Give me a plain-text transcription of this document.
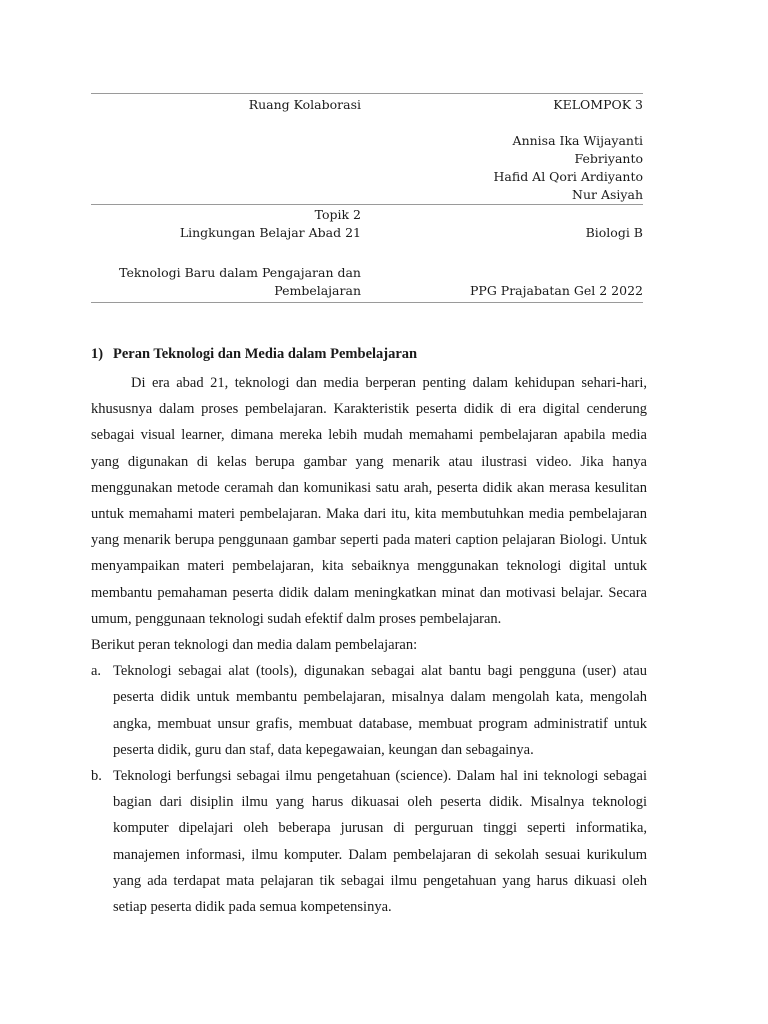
Ruang Kolaborasi	KELOMPOK 3
Annisa Ika Wijayanti
Febriyanto
Hafid Al Qori Ardiyanto
Nur Asiyah

Topik 2
Lingkungan Belajar Abad 21	Biologi B
Teknologi Baru dalam Pengajaran dan Pembelajaran	PPG Prajabatan Gel 2 2022
1) Peran Teknologi dan Media dalam Pembelajaran

Di era abad 21, teknologi dan media berperan penting dalam kehidupan sehari-hari, khususnya dalam proses pembelajaran. Karakteristik peserta didik di era digital cenderung sebagai visual learner, dimana mereka lebih mudah memahami pembelajaran apabila media yang digunakan di kelas berupa gambar yang menarik atau ilustrasi video. Jika hanya menggunakan metode ceramah dan komunikasi satu arah, peserta didik akan merasa kesulitan untuk memahami materi pembelajaran. Maka dari itu, kita membutuhkan media pembelajaran yang menarik berupa penggunaan gambar seperti pada materi caption pelajaran Biologi. Untuk menyampaikan materi pembelajaran, kita sebaiknya menggunakan teknologi digital untuk membantu pemahaman peserta didik dalam meningkatkan minat dan motivasi belajar. Secara umum, penggunaan teknologi sudah efektif dalm proses pembelajaran.

Berikut peran teknologi dan media dalam pembelajaran:

a. Teknologi sebagai alat (tools), digunakan sebagai alat bantu bagi pengguna (user) atau peserta didik untuk membantu pembelajaran, misalnya dalam mengolah kata, mengolah angka, membuat unsur grafis, membuat database, membuat program administratif untuk peserta didik, guru dan staf, data kepegawaian, keungan dan sebagainya.
b. Teknologi berfungsi sebagai ilmu pengetahuan (science). Dalam hal ini teknologi sebagai bagian dari disiplin ilmu yang harus dikuasai oleh peserta didik. Misalnya teknologi komputer dipelajari oleh beberapa jurusan di perguruan tinggi seperti informatika, manajemen informasi, ilmu komputer. Dalam pembelajaran di sekolah sesuai kurikulum yang ada terdapat mata pelajaran tik sebagai ilmu pengetahuan yang harus dikuasi oleh setiap peserta didik pada semua kompetensinya.
